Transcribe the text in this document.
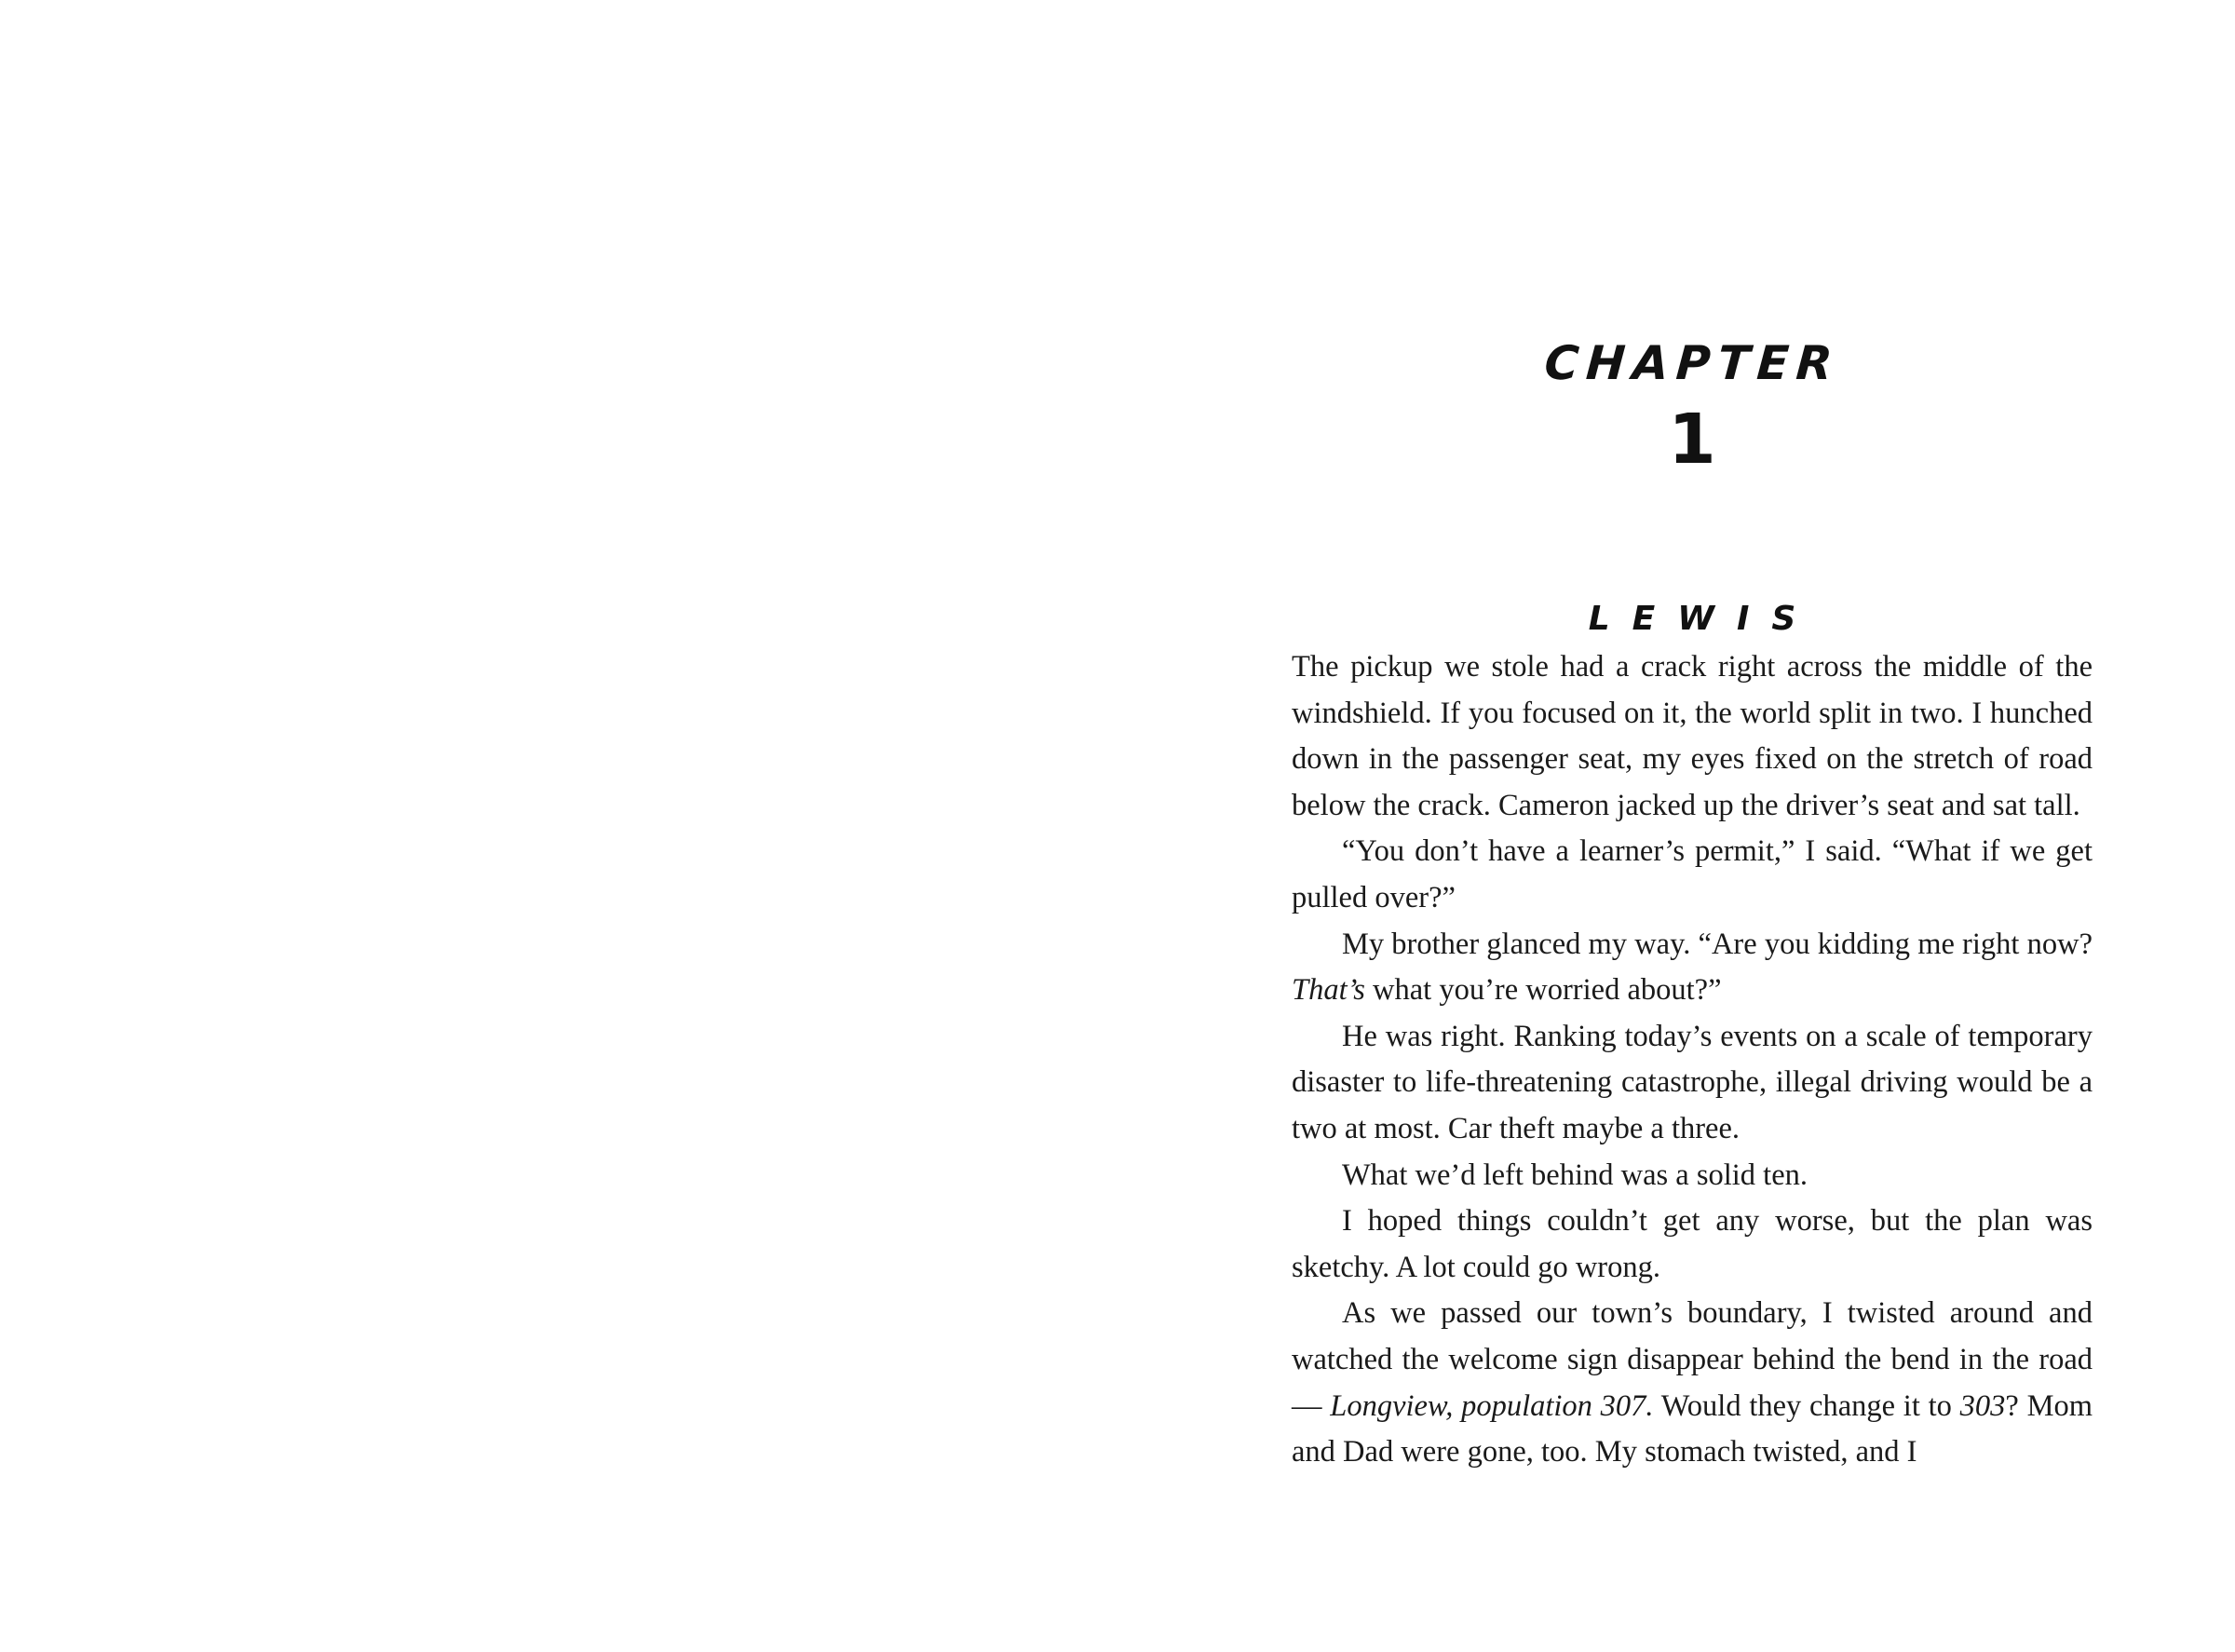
CHAPTER
1
LEWIS

The pickup we stole had a crack right across the middle of the windshield. If you focused on it, the world split in two. I hunched down in the passenger seat, my eyes fixed on the stretch of road below the crack. Cameron jacked up the driver’s seat and sat tall.

“You don’t have a learner’s permit,” I said. “What if we get pulled over?”

My brother glanced my way. “Are you kidding me right now? That’s what you’re worried about?”

He was right. Ranking today’s events on a scale of temporary disaster to life-threatening catastrophe, illegal driving would be a two at most. Car theft maybe a three.

What we’d left behind was a solid ten.

I hoped things couldn’t get any worse, but the plan was sketchy. A lot could go wrong.

As we passed our town’s boundary, I twisted around and watched the welcome sign disappear behind the bend in the road — Longview, population 307. Would they change it to 303? Mom and Dad were gone, too. My stomach twisted, and I
